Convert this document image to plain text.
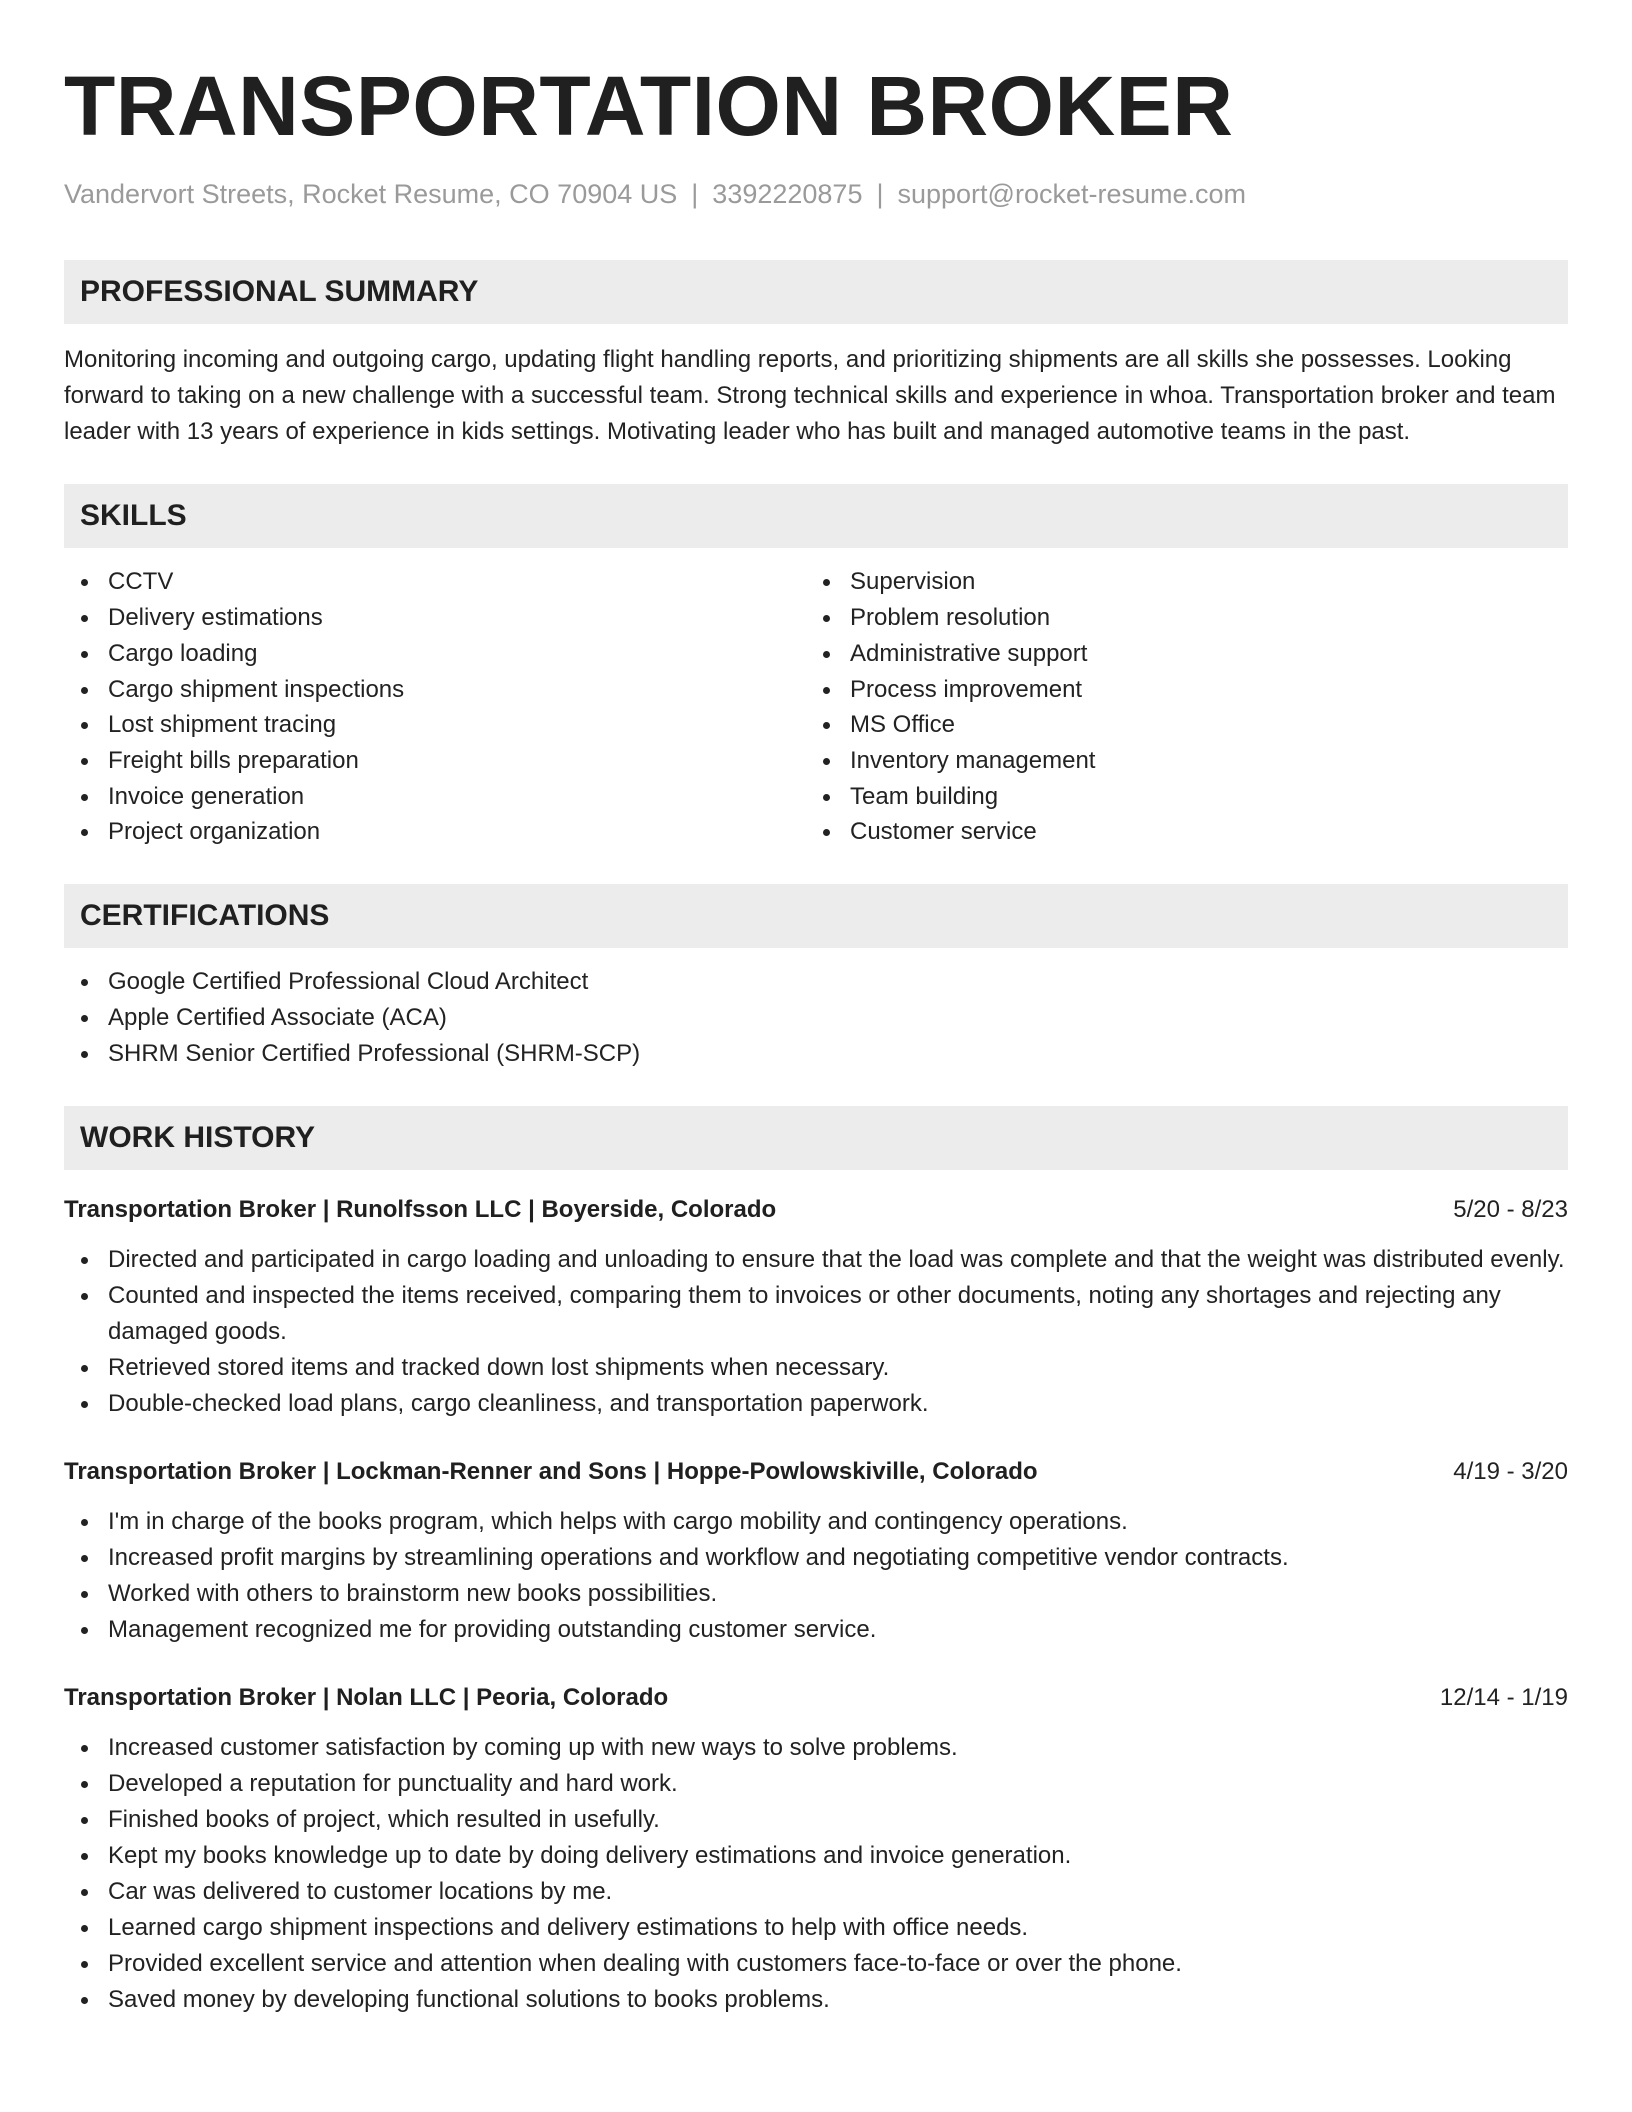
TRANSPORTATION BROKER
Vandervort Streets, Rocket Resume, CO 70904 US | 3392220875 | support@rocket-resume.com
PROFESSIONAL SUMMARY
Monitoring incoming and outgoing cargo, updating flight handling reports, and prioritizing shipments are all skills she possesses. Looking forward to taking on a new challenge with a successful team. Strong technical skills and experience in whoa. Transportation broker and team leader with 13 years of experience in kids settings. Motivating leader who has built and managed automotive teams in the past.
SKILLS
CCTV
Delivery estimations
Cargo loading
Cargo shipment inspections
Lost shipment tracing
Freight bills preparation
Invoice generation
Project organization
Supervision
Problem resolution
Administrative support
Process improvement
MS Office
Inventory management
Team building
Customer service
CERTIFICATIONS
Google Certified Professional Cloud Architect
Apple Certified Associate (ACA)
SHRM Senior Certified Professional (SHRM-SCP)
WORK HISTORY
Transportation Broker | Runolfsson LLC | Boyerside, Colorado	5/20 - 8/23
Directed and participated in cargo loading and unloading to ensure that the load was complete and that the weight was distributed evenly.
Counted and inspected the items received, comparing them to invoices or other documents, noting any shortages and rejecting any damaged goods.
Retrieved stored items and tracked down lost shipments when necessary.
Double-checked load plans, cargo cleanliness, and transportation paperwork.
Transportation Broker | Lockman-Renner and Sons | Hoppe-Powlowskiville, Colorado	4/19 - 3/20
I'm in charge of the books program, which helps with cargo mobility and contingency operations.
Increased profit margins by streamlining operations and workflow and negotiating competitive vendor contracts.
Worked with others to brainstorm new books possibilities.
Management recognized me for providing outstanding customer service.
Transportation Broker | Nolan LLC | Peoria, Colorado	12/14 - 1/19
Increased customer satisfaction by coming up with new ways to solve problems.
Developed a reputation for punctuality and hard work.
Finished books of project, which resulted in usefully.
Kept my books knowledge up to date by doing delivery estimations and invoice generation.
Car was delivered to customer locations by me.
Learned cargo shipment inspections and delivery estimations to help with office needs.
Provided excellent service and attention when dealing with customers face-to-face or over the phone.
Saved money by developing functional solutions to books problems.
